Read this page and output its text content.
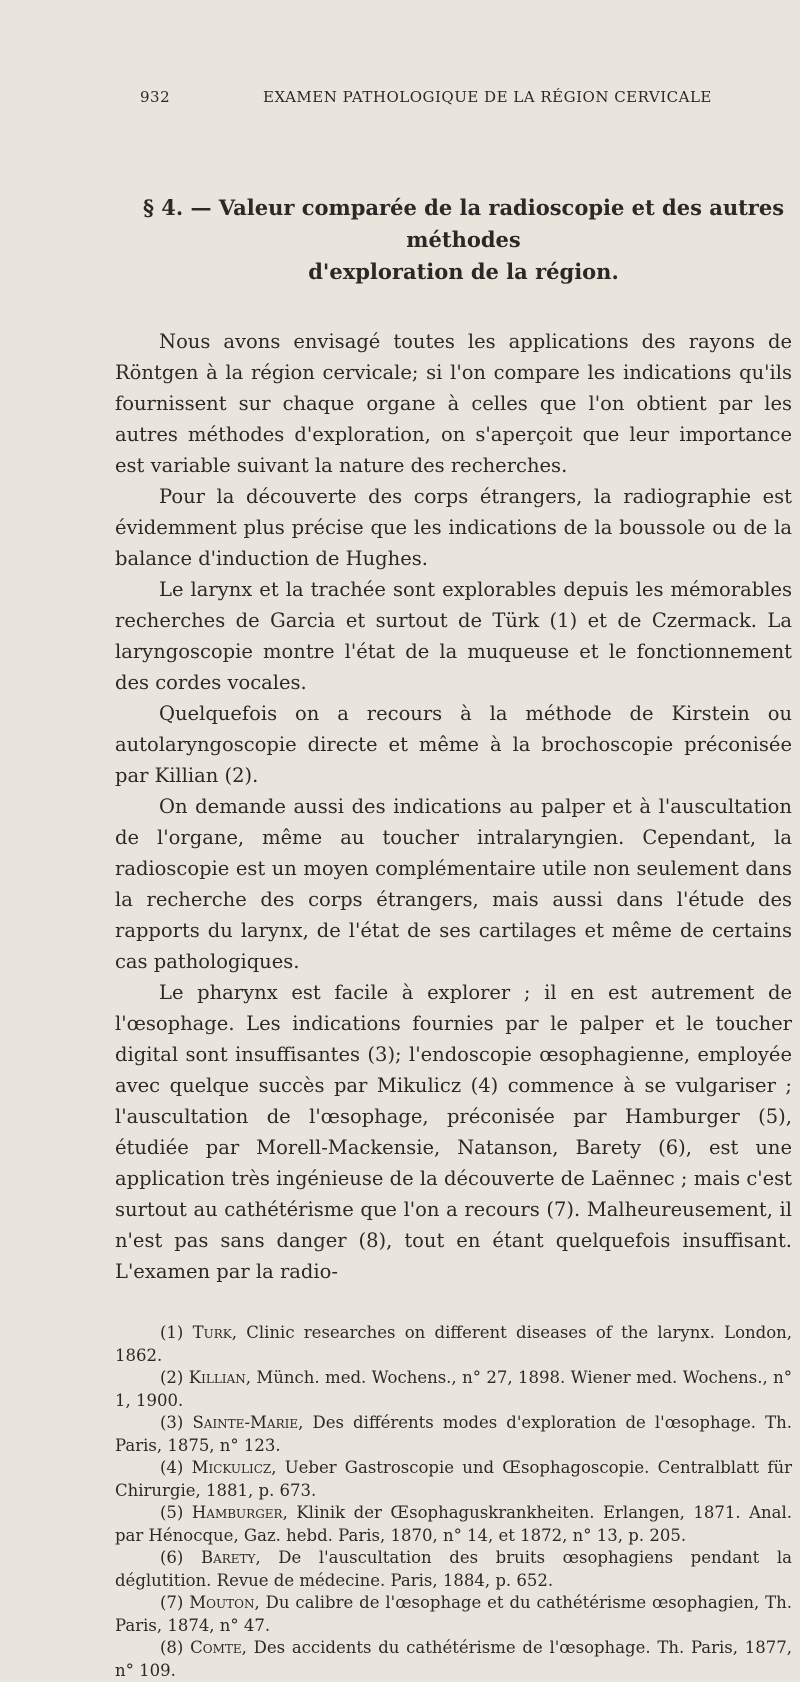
932	EXAMEN PATHOLOGIQUE DE LA RÉGION CERVICALE
§ 4. — Valeur comparée de la radioscopie et des autres méthodes
d'exploration de la région.

Nous avons envisagé toutes les applications des rayons de Röntgen à la région cervicale; si l'on compare les indications qu'ils fournissent sur chaque organe à celles que l'on obtient par les autres méthodes d'exploration, on s'aperçoit que leur importance est variable suivant la nature des recherches.

Pour la découverte des corps étrangers, la radiographie est évidemment plus précise que les indications de la boussole ou de la balance d'induction de Hughes.

Le larynx et la trachée sont explorables depuis les mémorables recherches de Garcia et surtout de Türk (1) et de Czermack. La laryngoscopie montre l'état de la muqueuse et le fonctionnement des cordes vocales.

Quelquefois on a recours à la méthode de Kirstein ou autolaryngoscopie directe et même à la brochoscopie préconisée par Killian (2).

On demande aussi des indications au palper et à l'auscultation de l'organe, même au toucher intralaryngien. Cependant, la radioscopie est un moyen complémentaire utile non seulement dans la recherche des corps étrangers, mais aussi dans l'étude des rapports du larynx, de l'état de ses cartilages et même de certains cas pathologiques.

Le pharynx est facile à explorer ; il en est autrement de l'œsophage. Les indications fournies par le palper et le toucher digital sont insuffisantes (3); l'endoscopie œsophagienne, employée avec quelque succès par Mikulicz (4) commence à se vulgariser ; l'auscultation de l'œsophage, préconisée par Hamburger (5), étudiée par Morell-Mackensie, Natanson, Barety (6), est une application très ingénieuse de la découverte de Laënnec ; mais c'est surtout au cathétérisme que l'on a recours (7). Malheureusement, il n'est pas sans danger (8), tout en étant quelquefois insuffisant. L'examen par la radio-

(1) Turk, Clinic researches on different diseases of the larynx. London, 1862.

(2) Killian, Münch. med. Wochens., n° 27, 1898. Wiener med. Wochens., n° 1, 1900.

(3) Sainte-Marie, Des différents modes d'exploration de l'œsophage. Th. Paris, 1875, n° 123.

(4) Mickulicz, Ueber Gastroscopie und Œsophagoscopie. Centralblatt für Chirurgie, 1881, p. 673.

(5) Hamburger, Klinik der Œsophaguskrankheiten. Erlangen, 1871. Anal. par Hénocque, Gaz. hebd. Paris, 1870, n° 14, et 1872, n° 13, p. 205.

(6) Barety, De l'auscultation des bruits œsophagiens pendant la déglutition. Revue de médecine. Paris, 1884, p. 652.

(7) Mouton, Du calibre de l'œsophage et du cathétérisme œsophagien, Th. Paris, 1874, n° 47.

(8) Comte, Des accidents du cathétérisme de l'œsophage. Th. Paris, 1877, n° 109.
